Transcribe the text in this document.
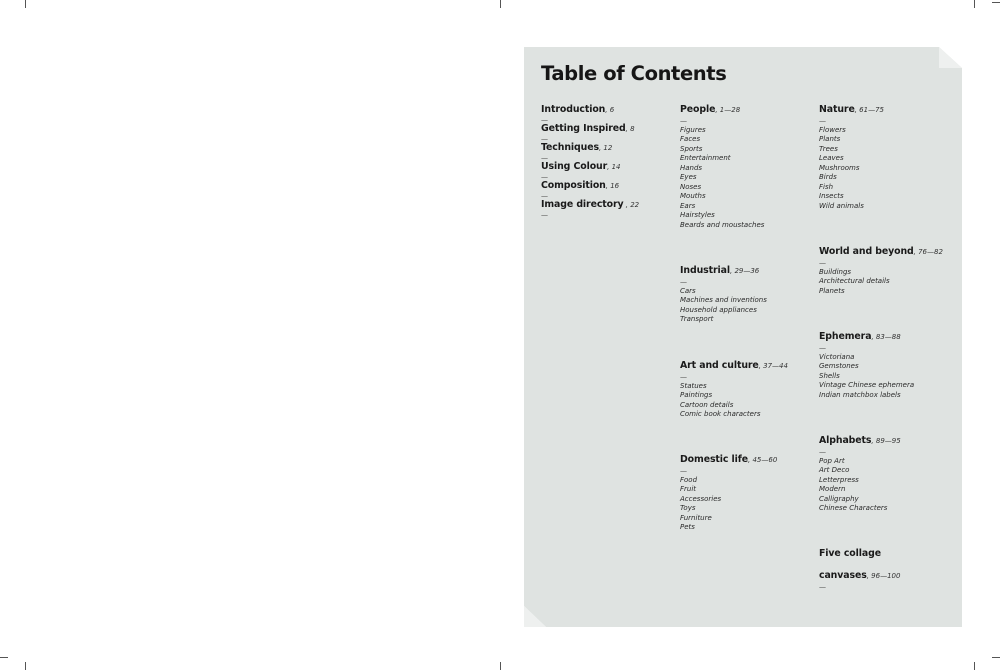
Table of Contents

Introduction, 6

—

Getting Inspired, 8

—

Techniques, 12

—

Using Colour, 14

—

Composition, 16

—

Image directory , 22

—

People, 1—28

—
Figures
Faces
Sports
Entertainment
Hands
Eyes
Noses
Mouths
Ears
Hairstyles
Beards and moustaches

Industrial, 29—36

—
Cars
Machines and inventions
Household appliances
Transport

Art and culture, 37—44

—
Statues
Paintings
Cartoon details
Comic book characters

Domestic life, 45—60

—
Food
Fruit
Accessories
Toys
Furniture
Pets

Nature, 61—75

—
Flowers
Plants
Trees
Leaves
Mushrooms
Birds
Fish
Insects
Wild animals

World and beyond, 76—82

—
Buildings
Architectural details
Planets

Ephemera, 83—88

—
Victoriana
Gemstones
Shells
Vintage Chinese ephemera
Indian matchbox labels

Alphabets, 89—95

—
Pop Art
Art Deco
Letterpress
Modern
Calligraphy
Chinese Characters

Five collage

canvases, 96—100

—
